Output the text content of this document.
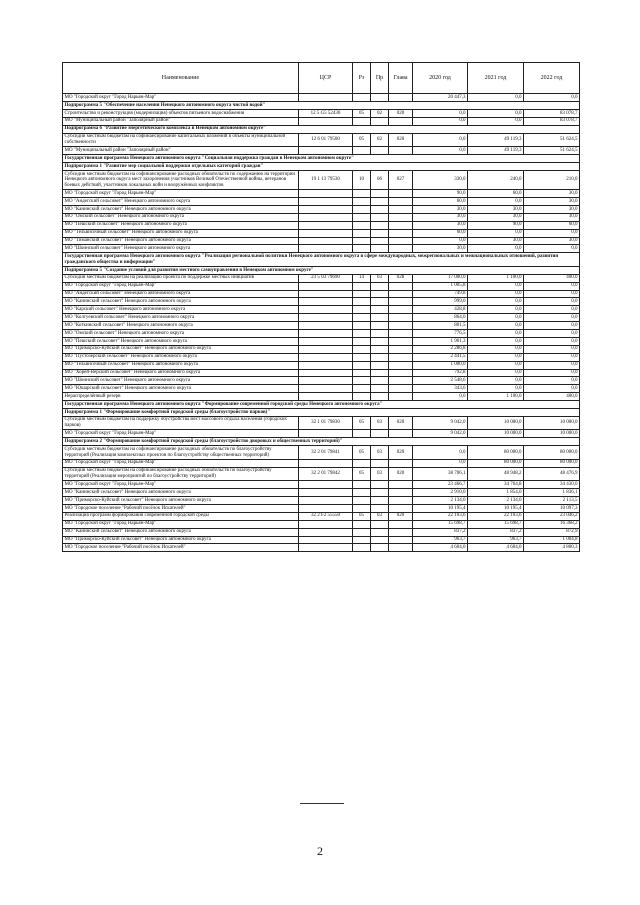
Наименование	ЦСР	Рз	Пр	Глава	2020 год	2021 год	2022 год
МО "Городской округ "Город Нарьян-Мар"					20 447,3	0,0	0,0
Подпрограмма 5 "Обеспечение населения Ненецкого автономного округа чистой водой"							
Строительство и реконструкция (модернизация) объектов питьевого водоснабжения	12 5 G5 52430	05	02	020	0,0	0,0	83 078,7
МО "Муниципальный район "Заполярный район"					0,0	0,0	83 078,7
Подпрограмма 6 "Развитие энергетического комплекса в Ненецком автономном округе"							
Субсидии местным бюджетам на софинансирование капитальных вложений в объекты муниципальной собственности	12 6 01 79500	05	02	020	0,0	49 119,3	51 624,5
МО "Муниципальный район "Заполярный район"					0,0	49 119,3	51 624,5
Государственная программа Ненецкого автономного округа "Социальная поддержка граждан в Ненецком автономном округе"							
Подпрограмма 1 "Развитие мер социальной поддержки отдельных категорий граждан"							
Субсидии местным бюджетам на софинансирование расходных обязательств по содержанию на территории Ненецкого автономного округа мест захоронения участников Великой Отечественной войны, ветеранов боевых действий, участников локальных войн и вооружённых конфликтов	19 1 13 79530	10	06	027	330,0	240,0	210,0
МО "Городской округ "Город Нарьян-Мар"					90,0	60,0	30,0
МО "Андегский сельсовет" Ненецкого автономного округа					60,0	0,0	30,0
МО "Канинский сельсовет" Ненецкого автономного округа					30,0	30,0	30,0
МО "Омский сельсовет" Ненецкого автономного округа					30,0	30,0	30,0
МО "Пешский сельсовет" Ненецкого автономного округа					30,0	90,0	60,0
МО "Тельвисочный сельсовет" Ненецкого автономного округа					60,0	0,0	0,0
МО "Тиманский сельсовет" Ненецкого автономного округа					0,0	30,0	30,0
МО "Шоинский сельсовет" Ненецкого автономного округа					30,0	0,0	0,0
Государственная программа Ненецкого автономного округа "Реализация региональной политики Ненецкого автономного округа в сфере международных, межрегиональных и межнациональных отношений, развития гражданского общества и информации"							
Подпрограмма 5 "Создание условий для развития местного самоуправления в Ненецком автономном округе"							
Субсидии местным бюджетам на реализацию проекта по поддержке местных инициатив	23 5 03 79690	14	03	028	17 000,0	1 100,0	400,0
МО "Городской округ "Город Нарьян-Мар"					1 005,8	0,0	0,0
МО "Андегский сельсовет" Ненецкого автономного округа					749,8	0,0	0,0
МО "Канинский сельсовет" Ненецкого автономного округа					999,0	0,0	0,0
МО "Карский сельсовет" Ненецкого автономного округа					428,8	0,0	0,0
МО "Колгуевский сельсовет" Ненецкого автономного округа					864,0	0,0	0,0
МО "Коткинский сельсовет" Ненецкого автономного округа					801,5	0,0	0,0
МО "Омский сельсовет" Ненецкого автономного округа					776,5	0,0	0,0
МО "Пешский сельсовет" Ненецкого автономного округа					1 961,3	0,0	0,0
МО "Приморско-Куйский сельсовет" Ненецкого автономного округа					2 286,8	0,0	0,0
МО "Пустозерский сельсовет" Ненецкого автономного округа					2 441,5	0,0	0,0
МО "Тельвисочный сельсовет" Ненецкого автономного округа					1 000,0	0,0	0,0
МО "Хорей-Верский сельсовет" Ненецкого автономного округа					792,8	0,0	0,0
МО "Шоинский сельсовет" Ненецкого автономного округа					2 548,6	0,0	0,0
МО "Юшарский сельсовет" Ненецкого автономного округа					343,6	0,0	0,0
Нераспределённый резерв					0,0	1 100,0	400,0
Государственная программа Ненецкого автономного округа "Формирование современной городской среды Ненецкого автономного округа"							
Подпрограмма 1 "Формирование комфортной городской среды (благоустройство парков)"							
Субсидии местным бюджетам на поддержку обустройства мест массового отдыха населения (городских парков)	32 1 01 79830	05	03	020	9 042,0	10 000,0	10 000,0
МО "Городской округ "Город Нарьян-Мар"					9 042,0	10 000,0	10 000,0
Подпрограмма 2 "Формирование комфортной городской среды (благоустройство дворовых и общественных территорий)"							
Субсидии местным бюджетам на софинансирование расходных обязательств по благоустройству территорий (Реализация комплексных проектов по благоустройству общественных территорий)	32 2 01 79841	05	03	020	0,0	80 000,0	80 000,0
МО "Городской округ "Город Нарьян-Мар"					0,0	80 000,0	80 000,0
Субсидии местным бюджетам на софинансирование расходных обязательств по благоустройству территорий (Реализация мероприятий по благоустройству территорий)	32 2 01 79842	05	03	020	38 706,1	48 948,2	48 476,9
МО "Городской округ "Город Нарьян-Мар"					23 466,7	34 764,8	34 430,0
МО "Канинский сельсовет" Ненецкого автономного округа					2 910,0	1 854,0	1 836,1
МО "Приморско-Куйский сельсовет" Ненецкого автономного округа					2 134,0	2 134,0	2 113,5
МО "Городское поселение "Рабочий посёлок Искателей"					10 195,4	10 195,4	10 097,3
Реализация программ формирования современной городской среды	32 2 F2 55550	05	03	020	22 103,6	22 103,6	23 046,2
МО "Городской округ "Город Нарьян-Мар"					15 698,7	15 698,7	16 368,2
МО "Канинский сельсовет" Ненецкого автономного округа					837,2	837,2	872,9
МО "Приморско-Куйский сельсовет" Ненецкого автономного округа					963,7	963,7	1 004,8
МО "Городское поселение "Рабочий посёлок Искателей"					4 604,0	4 604,0	4 800,3
2
